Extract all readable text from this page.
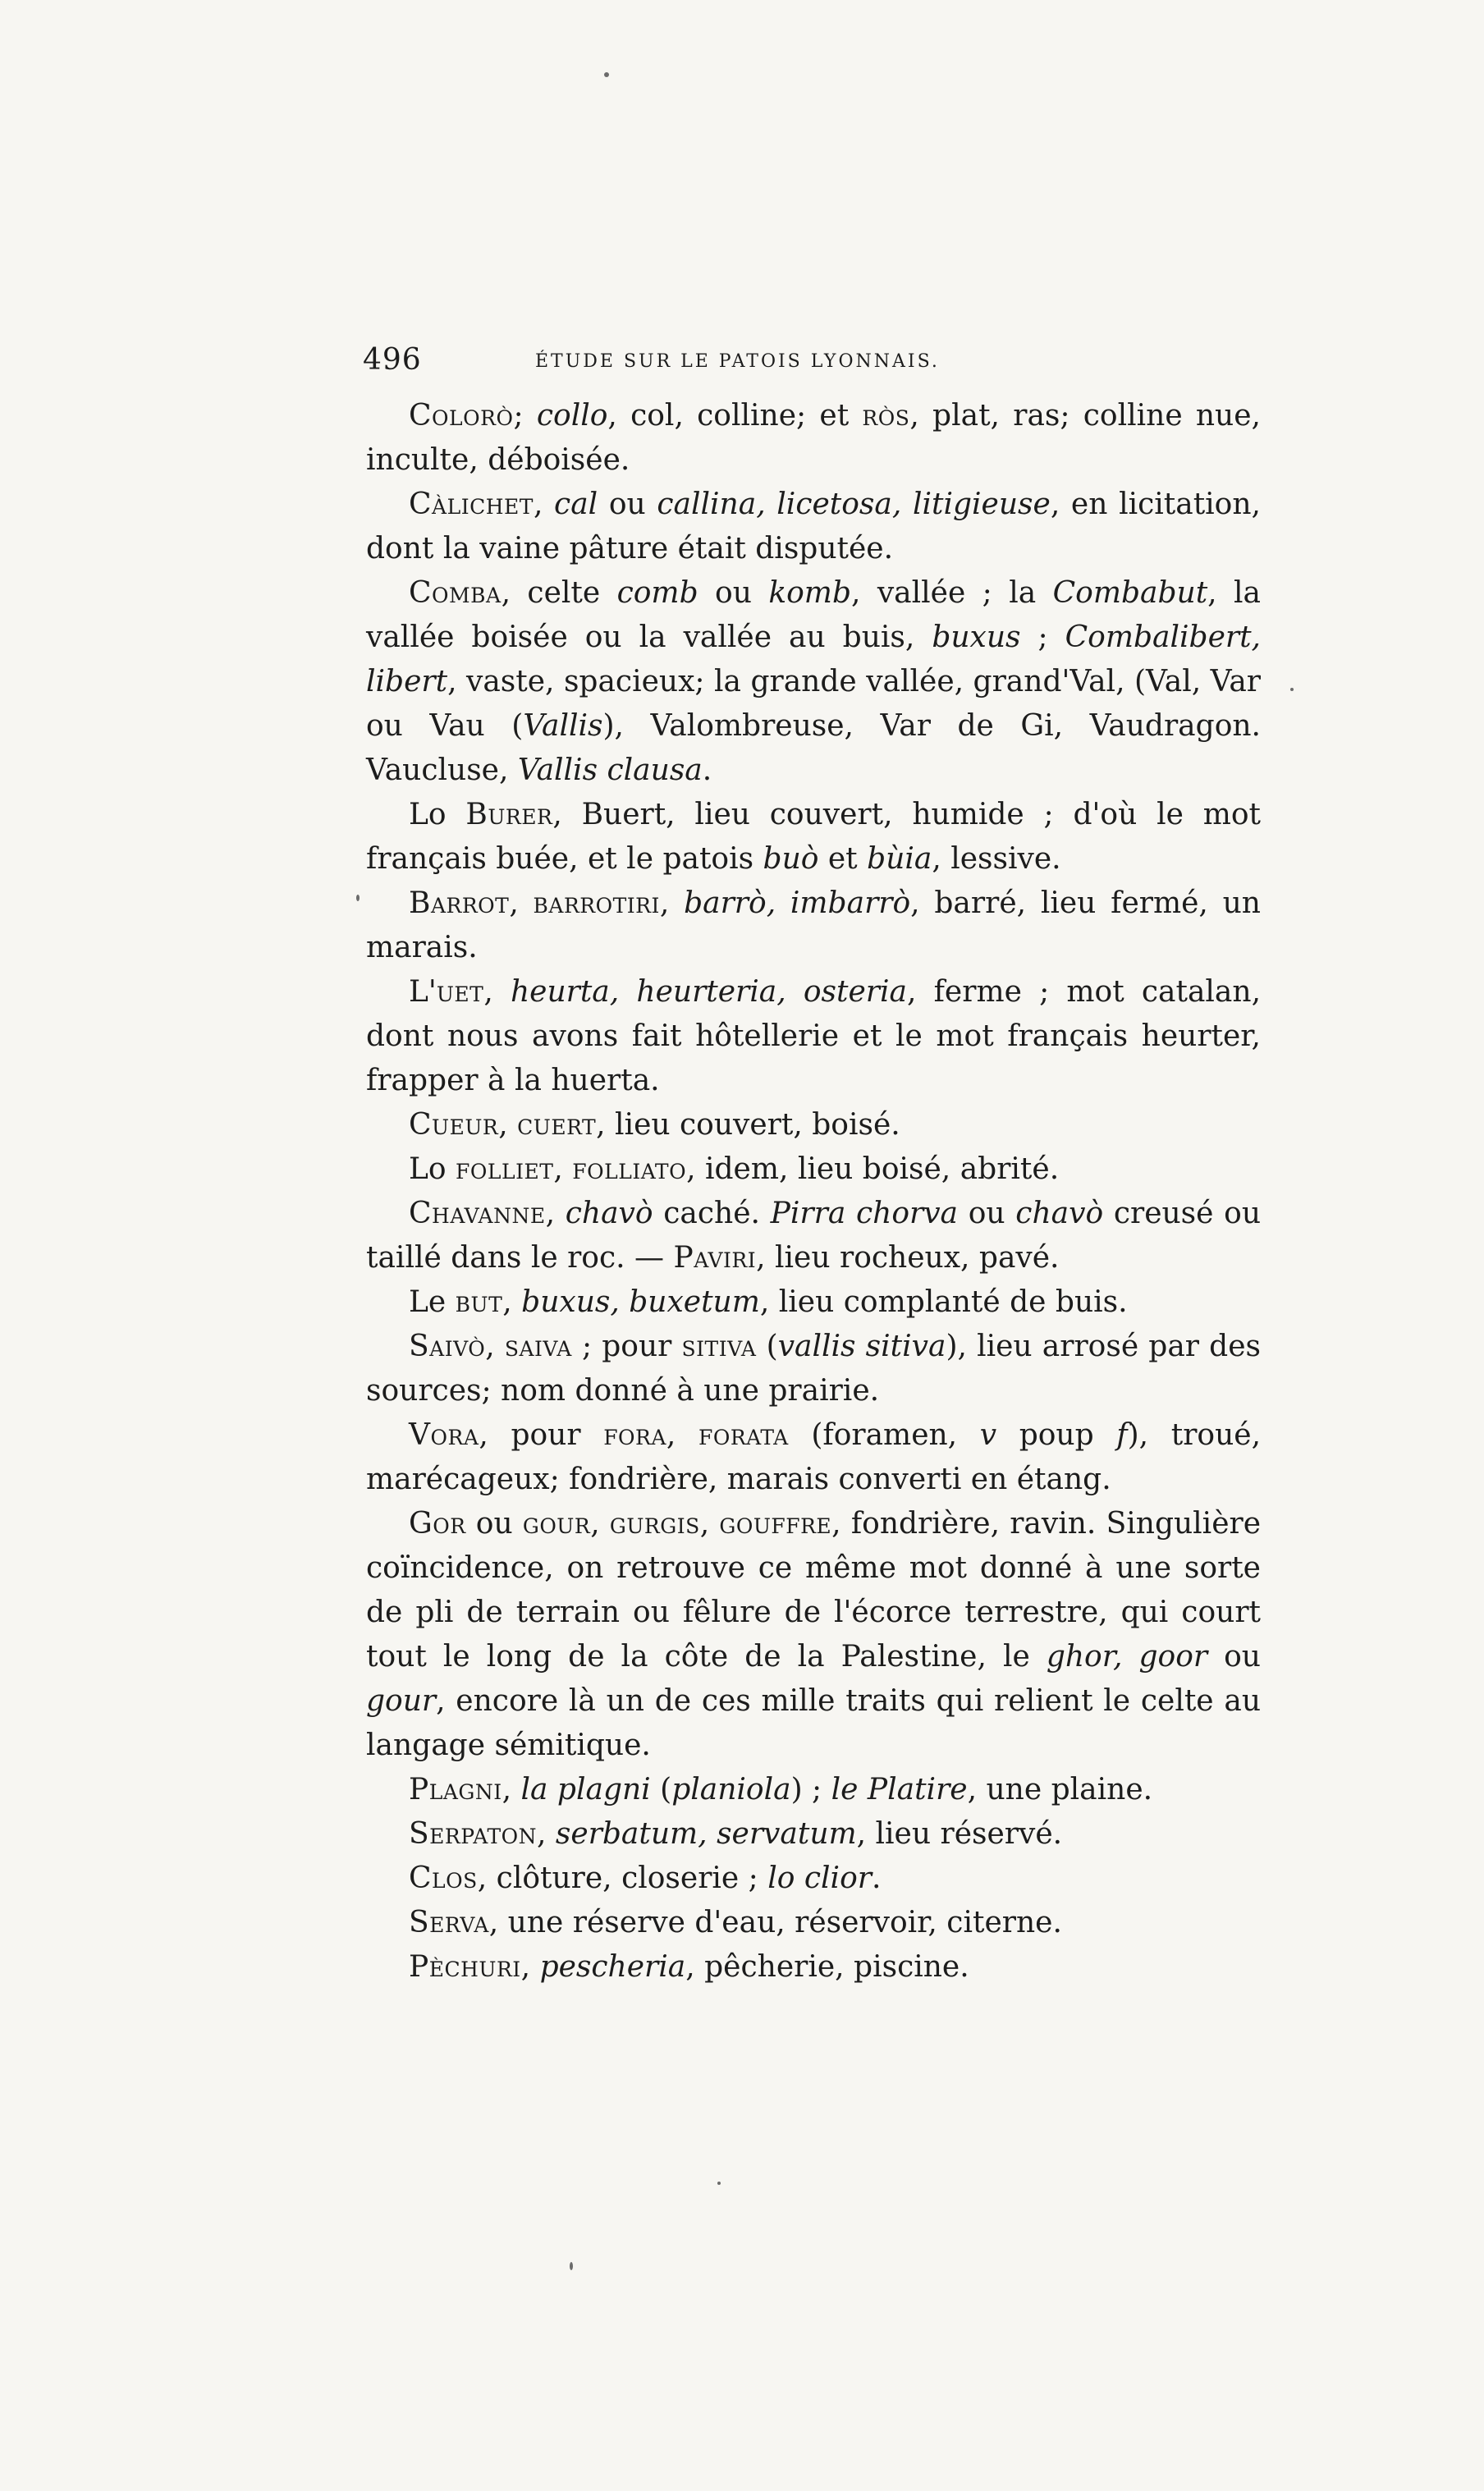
496	ÉTUDE SUR LE PATOIS LYONNAIS.

Colorò; collo, col, colline; et ròs, plat, ras; colline nue, inculte, déboisée.

Càlichet, cal ou callina, licetosa, litigieuse, en licitation, dont la vaine pâture était disputée.

Comba, celte comb ou komb, vallée ; la Combabut, la vallée boisée ou la vallée au buis, buxus ; Combalibert, libert, vaste, spacieux; la grande vallée, grand'Val, (Val, Var ou Vau (Vallis), Valombreuse, Var de Gi, Vaudragon. Vaucluse, Vallis clausa.

Lo Burer, Buert, lieu couvert, humide ; d'où le mot français buée, et le patois buò et bùia, lessive.

Barrot, barrotiri, barrò, imbarrò, barré, lieu fermé, un marais.

L'uet, heurta, heurteria, osteria, ferme ; mot catalan, dont nous avons fait hôtellerie et le mot français heurter, frapper à la huerta.

Cueur, cuert, lieu couvert, boisé.

Lo folliet, folliato, idem, lieu boisé, abrité.

Chavanne, chavò caché. Pirra chorva ou chavò creusé ou taillé dans le roc. — Paviri, lieu rocheux, pavé.

Le but, buxus, buxetum, lieu complanté de buis.

Saivò, saiva ; pour sitiva (vallis sitiva), lieu arrosé par des sources; nom donné à une prairie.

Vora, pour fora, forata (foramen, v poup f), troué, marécageux; fondrière, marais converti en étang.

Gor ou gour, gurgis, gouffre, fondrière, ravin. Singulière coïncidence, on retrouve ce même mot donné à une sorte de pli de terrain ou fêlure de l'écorce terrestre, qui court tout le long de la côte de la Palestine, le ghor, goor ou gour, encore là un de ces mille traits qui relient le celte au langage sémitique.

Plagni, la plagni (planiola) ; le Platire, une plaine.

Serpaton, serbatum, servatum, lieu réservé.

Clos, clôture, closerie ; lo clior.

Serva, une réserve d'eau, réservoir, citerne.

Pèchuri, pescheria, pêcherie, piscine.
